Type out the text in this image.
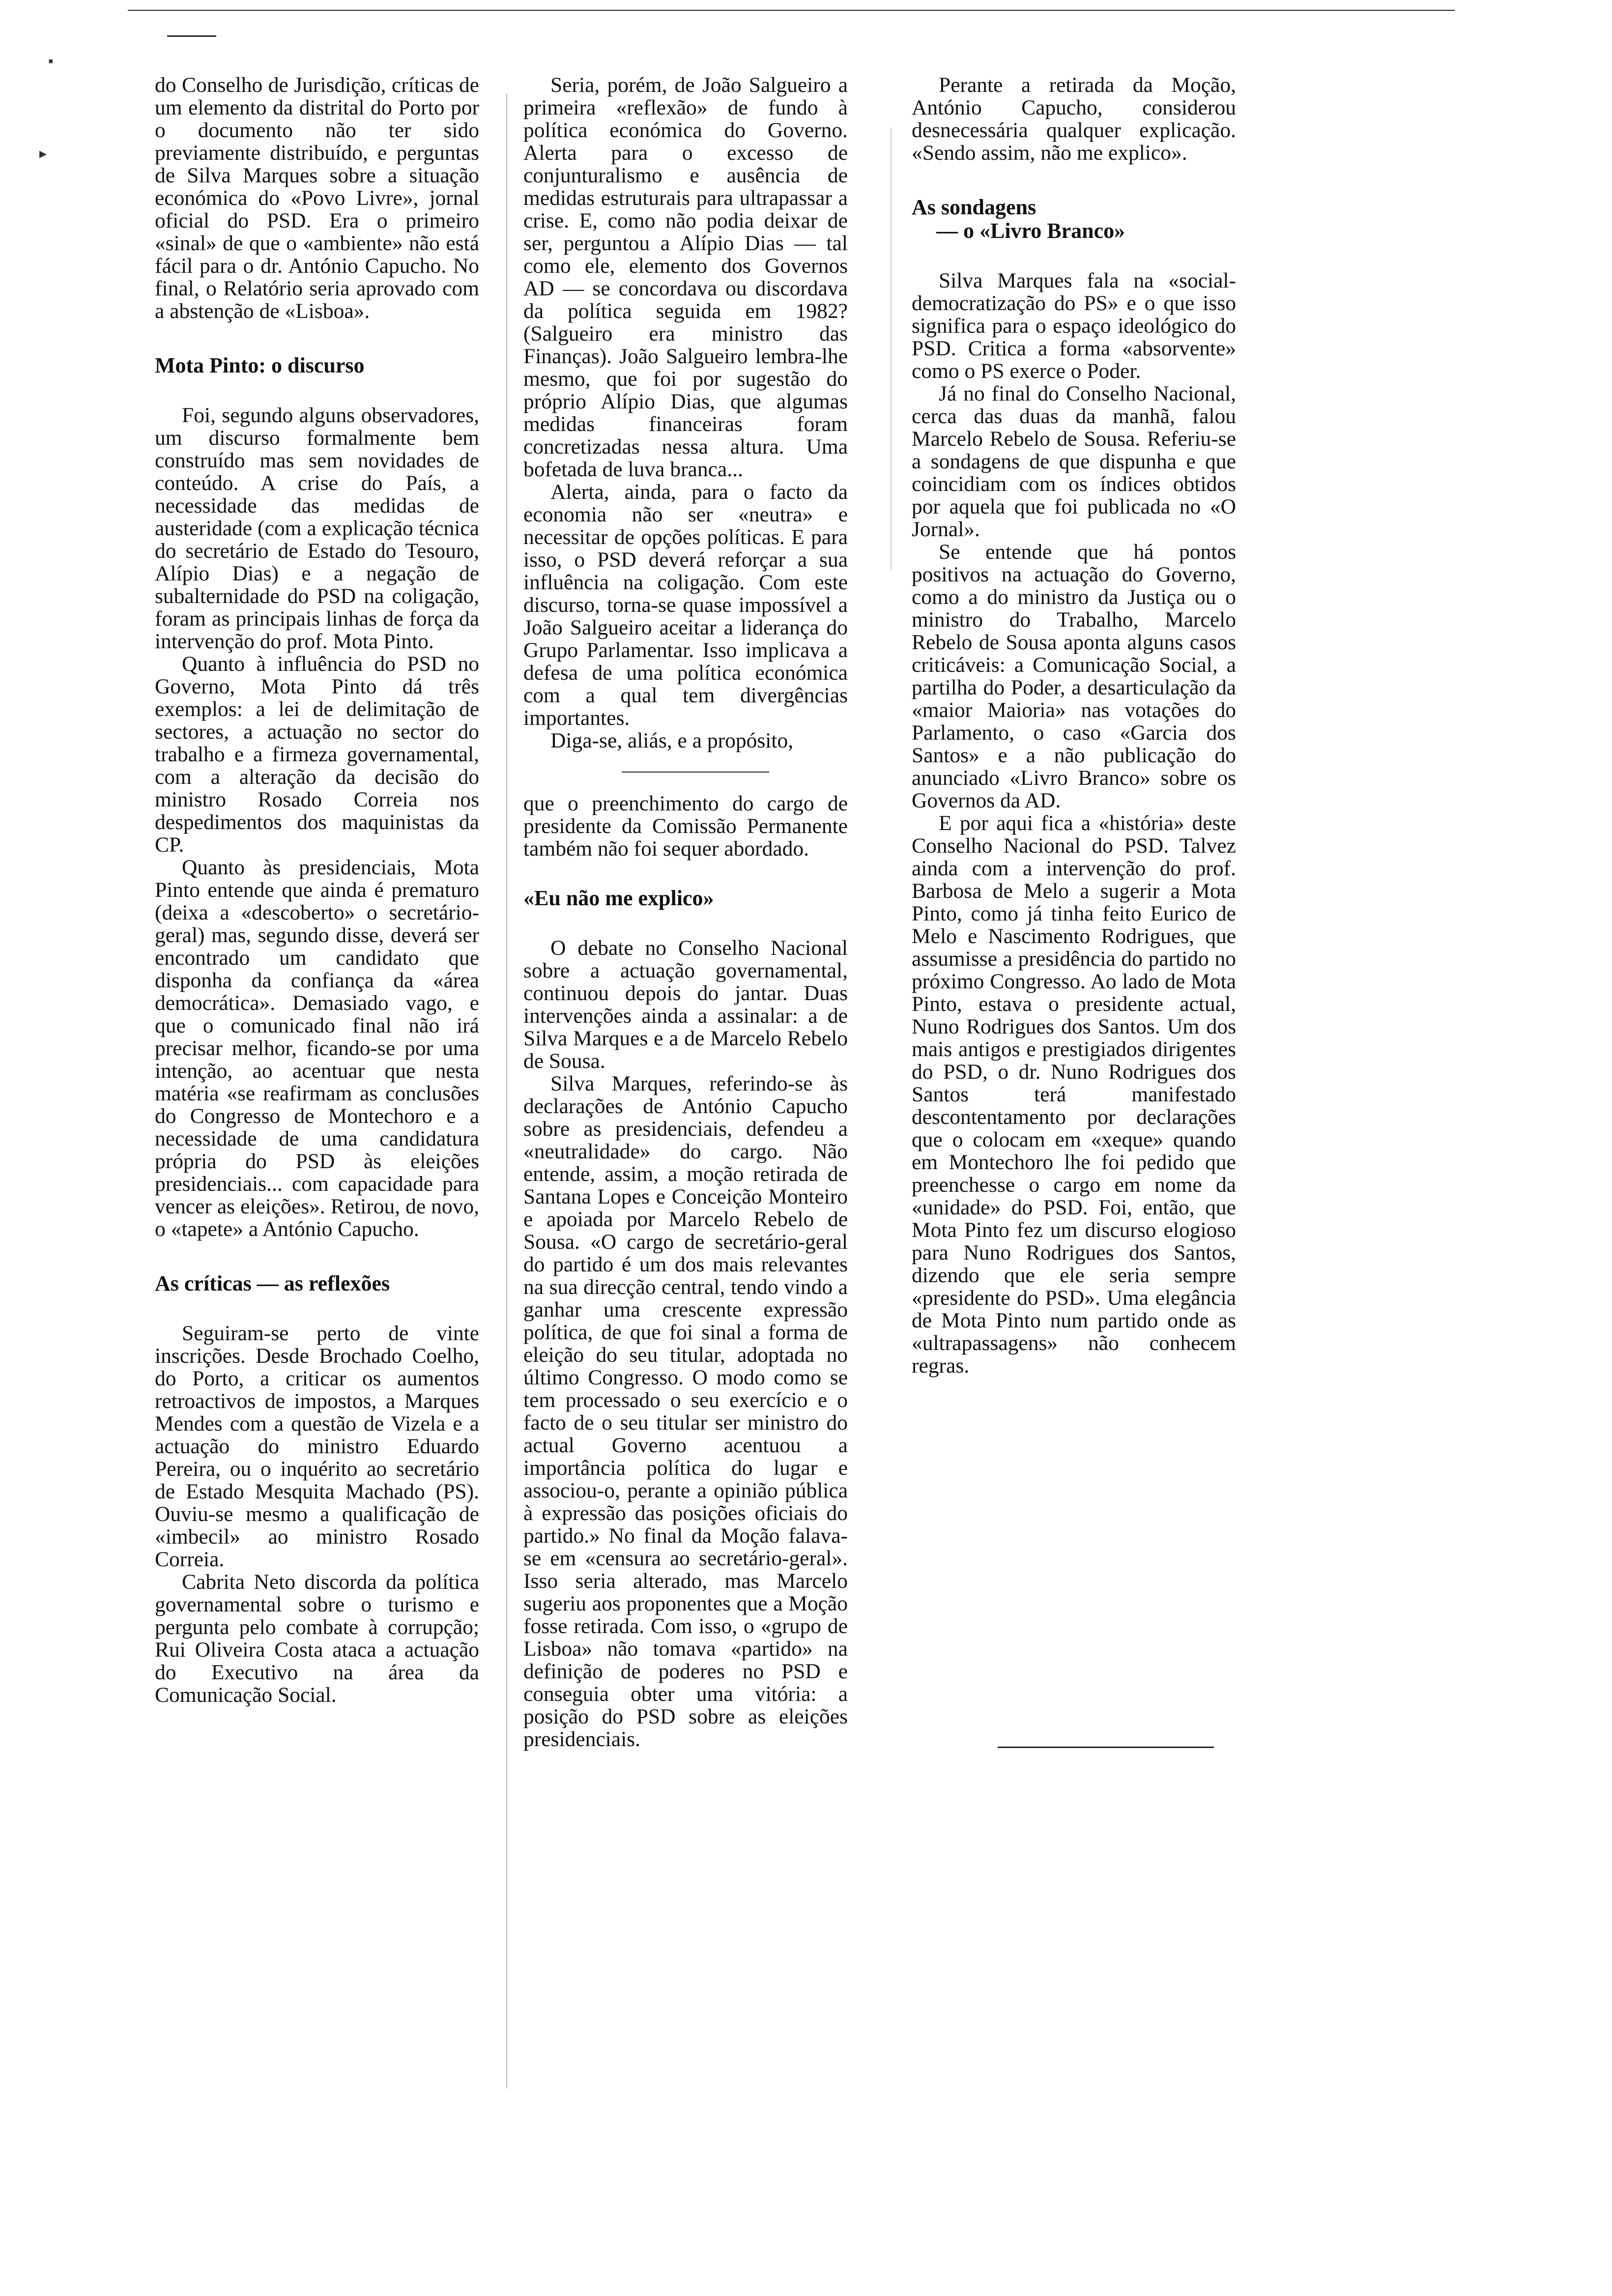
▪
▸

do Conselho de Jurisdição, críticas de um elemento da distrital do Porto por o documento não ter sido previamente distribuído, e perguntas de Silva Marques sobre a situação económica do «Povo Livre», jornal oficial do PSD. Era o primeiro «sinal» de que o «ambiente» não está fácil para o dr. António Capucho. No final, o Relatório seria aprovado com a abstenção de «Lisboa».

Mota Pinto: o discurso

Foi, segundo alguns observadores, um discurso formalmente bem construído mas sem novidades de conteúdo. A crise do País, a necessidade das medidas de austeridade (com a explicação técnica do secretário de Estado do Tesouro, Alípio Dias) e a negação de subalternidade do PSD na coligação, foram as principais linhas de força da intervenção do prof. Mota Pinto.

Quanto à influência do PSD no Governo, Mota Pinto dá três exemplos: a lei de delimitação de sectores, a actuação no sector do trabalho e a firmeza governamental, com a alteração da decisão do ministro Rosado Correia nos despedimentos dos maquinistas da CP.

Quanto às presidenciais, Mota Pinto entende que ainda é prematuro (deixa a «descoberto» o secretário-geral) mas, segundo disse, deverá ser encontrado um candidato que disponha da confiança da «área democrática». Demasiado vago, e que o comunicado final não irá precisar melhor, ficando-se por uma intenção, ao acentuar que nesta matéria «se reafirmam as conclusões do Congresso de Montechoro e a necessidade de uma candidatura própria do PSD às eleições presidenciais... com capacidade para vencer as eleições». Retirou, de novo, o «tapete» a António Capucho.

As críticas — as reflexões

Seguiram-se perto de vinte inscrições. Desde Brochado Coelho, do Porto, a criticar os aumentos retroactivos de impostos, a Marques Mendes com a questão de Vizela e a actuação do ministro Eduardo Pereira, ou o inquérito ao secretário de Estado Mesquita Machado (PS). Ouviu-se mesmo a qualificação de «imbecil» ao ministro Rosado Correia.

Cabrita Neto discorda da política governamental sobre o turismo e pergunta pelo combate à corrupção; Rui Oliveira Costa ataca a actuação do Executivo na área da Comunicação Social.

Seria, porém, de João Salgueiro a primeira «reflexão» de fundo à política económica do Governo. Alerta para o excesso de conjunturalismo e ausência de medidas estruturais para ultrapassar a crise. E, como não podia deixar de ser, perguntou a Alípio Dias — tal como ele, elemento dos Governos AD — se concordava ou discordava da política seguida em 1982? (Salgueiro era ministro das Finanças). João Salgueiro lembra-lhe mesmo, que foi por sugestão do próprio Alípio Dias, que algumas medidas financeiras foram concretizadas nessa altura. Uma bofetada de luva branca...

Alerta, ainda, para o facto da economia não ser «neutra» e necessitar de opções políticas. E para isso, o PSD deverá reforçar a sua influência na coligação. Com este discurso, torna-se quase impossível a João Salgueiro aceitar a liderança do Grupo Parlamentar. Isso implicava a defesa de uma política económica com a qual tem divergências importantes.

Diga-se, aliás, e a propósito,

que o preenchimento do cargo de presidente da Comissão Permanente também não foi sequer abordado.

«Eu não me explico»

O debate no Conselho Nacional sobre a actuação governamental, continuou depois do jantar. Duas intervenções ainda a assinalar: a de Silva Marques e a de Marcelo Rebelo de Sousa.

Silva Marques, referindo-se às declarações de António Capucho sobre as presidenciais, defendeu a «neutralidade» do cargo. Não entende, assim, a moção retirada de Santana Lopes e Conceição Monteiro e apoiada por Marcelo Rebelo de Sousa. «O cargo de secretário-geral do partido é um dos mais relevantes na sua direcção central, tendo vindo a ganhar uma crescente expressão política, de que foi sinal a forma de eleição do seu titular, adoptada no último Congresso. O modo como se tem processado o seu exercício e o facto de o seu titular ser ministro do actual Governo acentuou a importância política do lugar e associou-o, perante a opinião pública à expressão das posições oficiais do partido.» No final da Moção falava-se em «censura ao secretário-geral». Isso seria alterado, mas Marcelo sugeriu aos proponentes que a Moção fosse retirada. Com isso, o «grupo de Lisboa» não tomava «partido» na definição de poderes no PSD e conseguia obter uma vitória: a posição do PSD sobre as eleições presidenciais.

Perante a retirada da Moção, António Capucho, considerou desnecessária qualquer explicação. «Sendo assim, não me explico».

As sondagens
— o «Livro Branco»

Silva Marques fala na «social-democratização do PS» e o que isso significa para o espaço ideológico do PSD. Critica a forma «absorvente» como o PS exerce o Poder.

Já no final do Conselho Nacional, cerca das duas da manhã, falou Marcelo Rebelo de Sousa. Referiu-se a sondagens de que dispunha e que coincidiam com os índices obtidos por aquela que foi publicada no «O Jornal».

Se entende que há pontos positivos na actuação do Governo, como a do ministro da Justiça ou o ministro do Trabalho, Marcelo Rebelo de Sousa aponta alguns casos criticáveis: a Comunicação Social, a partilha do Poder, a desarticulação da «maior Maioria» nas votações do Parlamento, o caso «Garcia dos Santos» e a não publicação do anunciado «Livro Branco» sobre os Governos da AD.

E por aqui fica a «história» deste Conselho Nacional do PSD. Talvez ainda com a intervenção do prof. Barbosa de Melo a sugerir a Mota Pinto, como já tinha feito Eurico de Melo e Nascimento Rodrigues, que assumisse a presidência do partido no próximo Congresso. Ao lado de Mota Pinto, estava o presidente actual, Nuno Rodrigues dos Santos. Um dos mais antigos e prestigiados dirigentes do PSD, o dr. Nuno Rodrigues dos Santos terá manifestado descontentamento por declarações que o colocam em «xeque» quando em Montechoro lhe foi pedido que preenchesse o cargo em nome da «unidade» do PSD. Foi, então, que Mota Pinto fez um discurso elogioso para Nuno Rodrigues dos Santos, dizendo que ele seria sempre «presidente do PSD». Uma elegância de Mota Pinto num partido onde as «ultrapassagens» não conhecem regras.
